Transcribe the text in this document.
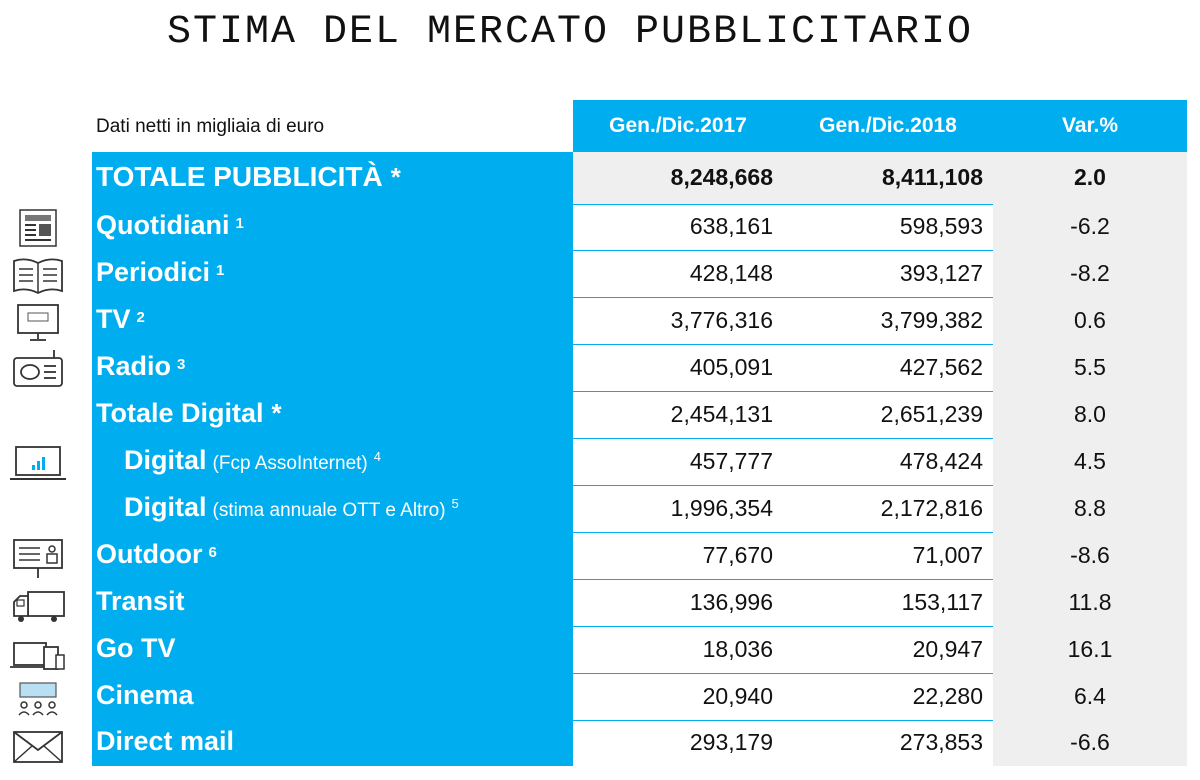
STIMA DEL MERCATO PUBBLICITARIO
Dati netti in migliaia di euro	Gen./Dic.2017	Gen./Dic.2018	Var.%
TOTALE PUBBLICITÀ *	8,248,668	8,411,108	2.0
Quotidiani $^1$	638,161	598,593	-6.2
Periodici $^1$	428,148	393,127	-8.2
TV $^2$	3,776,316	3,799,382	0.6
Radio $^3$	405,091	427,562	5.5
Totale Digital *	2,454,131	2,651,239	8.0
Digital (Fcp AssoInternet) $^4$	457,777	478,424	4.5
Digital (stima annuale OTT e Altro) $^5$	1,996,354	2,172,816	8.8
Outdoor $^6$	77,670	71,007	-8.6
Transit	136,996	153,117	11.8
Go TV	18,036	20,947	16.1
Cinema	20,940	22,280	6.4
Direct mail	293,179	273,853	-6.6
